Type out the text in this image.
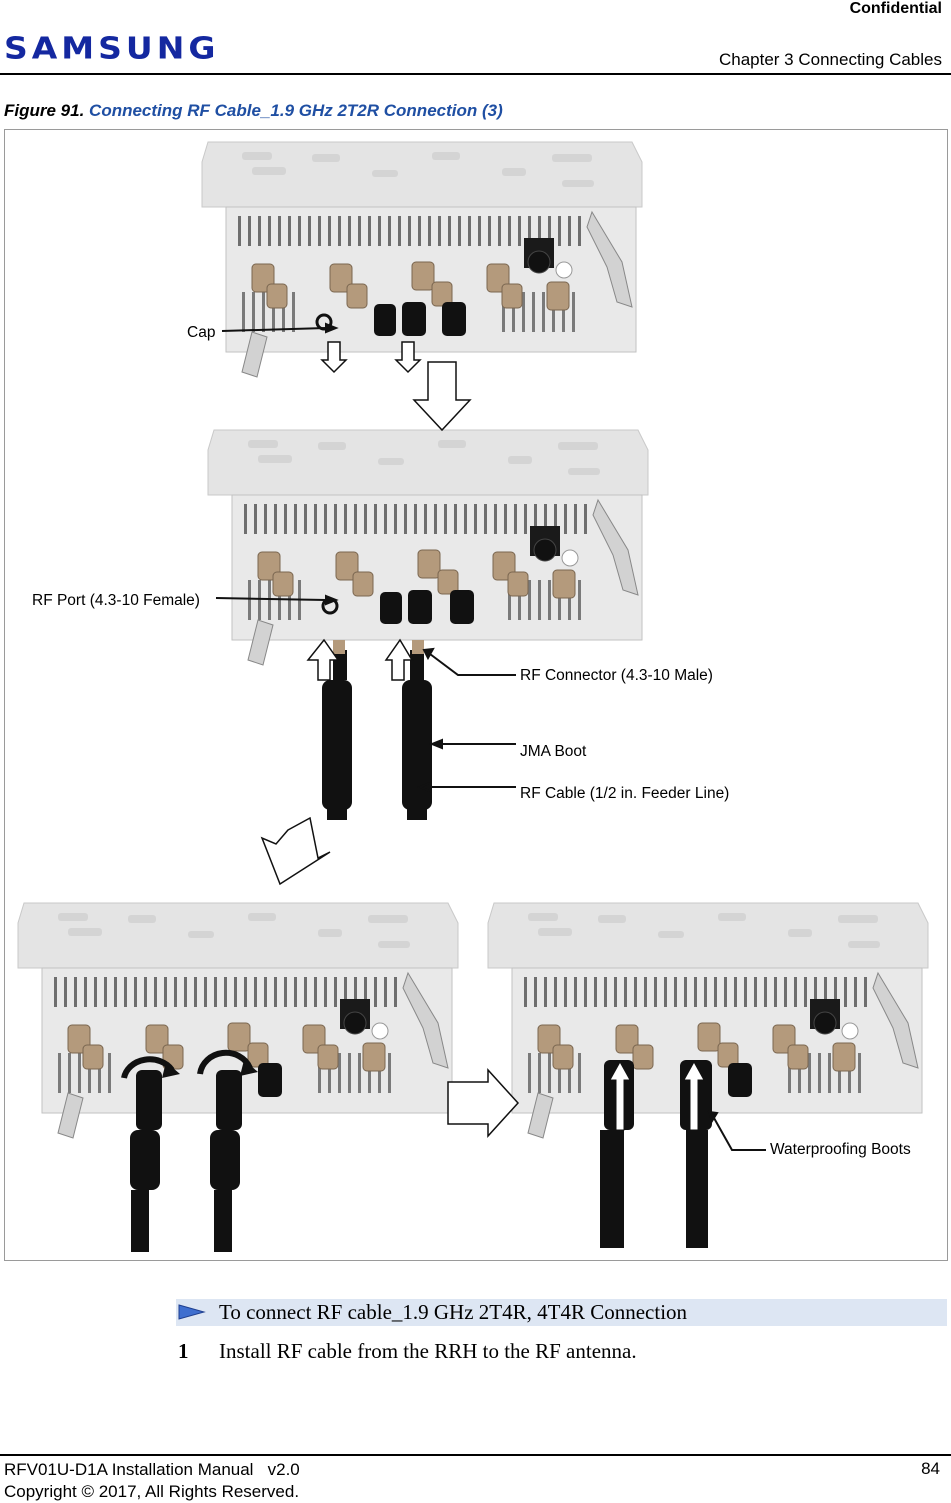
Confidential
SAMSUNG	Chapter 3 Connecting Cables
Figure 91. Connecting RF Cable_1.9 GHz 2T2R Connection (3)
Cap
RF Port (4.3-10 Female)
RF Connector (4.3-10 Male)
JMA Boot
RF Cable (1/2 in. Feeder Line)
Waterproofing Boots
To connect RF cable_1.9 GHz 2T4R, 4T4R Connection
1 Install RF cable from the RRH to the RF antenna.
RFV01U-D1A Installation Manual   v2.0
Copyright © 2017, All Rights Reserved.
84
